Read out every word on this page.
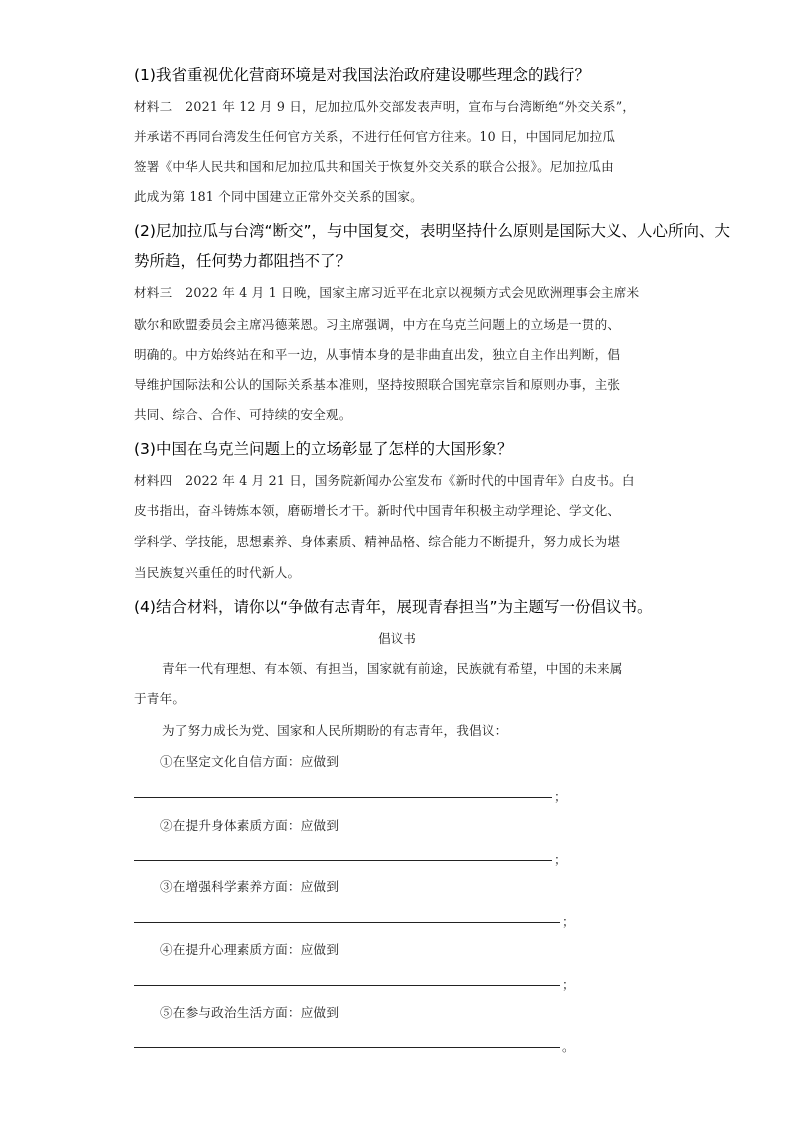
(1)我省重视优化营商环境是对我国法治政府建设哪些理念的践行？
材料二　2021 年 12 月 9 日，尼加拉瓜外交部发表声明，宣布与台湾断绝“外交关系”，
并承诺不再同台湾发生任何官方关系，不进行任何官方往来。10 日，中国同尼加拉瓜
签署《中华人民共和国和尼加拉瓜共和国关于恢复外交关系的联合公报》。尼加拉瓜由
此成为第 181 个同中国建立正常外交关系的国家。
(2)尼加拉瓜与台湾“断交”，与中国复交，表明坚持什么原则是国际大义、人心所向、大
势所趋，任何势力都阻挡不了？
材料三　2022 年 4 月 1 日晚，国家主席习近平在北京以视频方式会见欧洲理事会主席米
歇尔和欧盟委员会主席冯德莱恩。习主席强调，中方在乌克兰问题上的立场是一贯的、
明确的。中方始终站在和平一边，从事情本身的是非曲直出发，独立自主作出判断，倡
导维护国际法和公认的国际关系基本准则，坚持按照联合国宪章宗旨和原则办事，主张
共同、综合、合作、可持续的安全观。
(3)中国在乌克兰问题上的立场彰显了怎样的大国形象？
材料四　2022 年 4 月 21 日，国务院新闻办公室发布《新时代的中国青年》白皮书。白
皮书指出，奋斗铸炼本领，磨砺增长才干。新时代中国青年积极主动学理论、学文化、
学科学、学技能，思想素养、身体素质、精神品格、综合能力不断提升，努力成长为堪
当民族复兴重任的时代新人。
(4)结合材料，请你以“争做有志青年，展现青春担当”为主题写一份倡议书。
倡议书
青年一代有理想、有本领、有担当，国家就有前途，民族就有希望，中国的未来属
于青年。
为了努力成长为党、国家和人民所期盼的有志青年，我倡议：
①在坚定文化自信方面：应做到
；
②在提升身体素质方面：应做到
；
③在增强科学素养方面：应做到
；
④在提升心理素质方面：应做到
；
⑤在参与政治生活方面：应做到
。
